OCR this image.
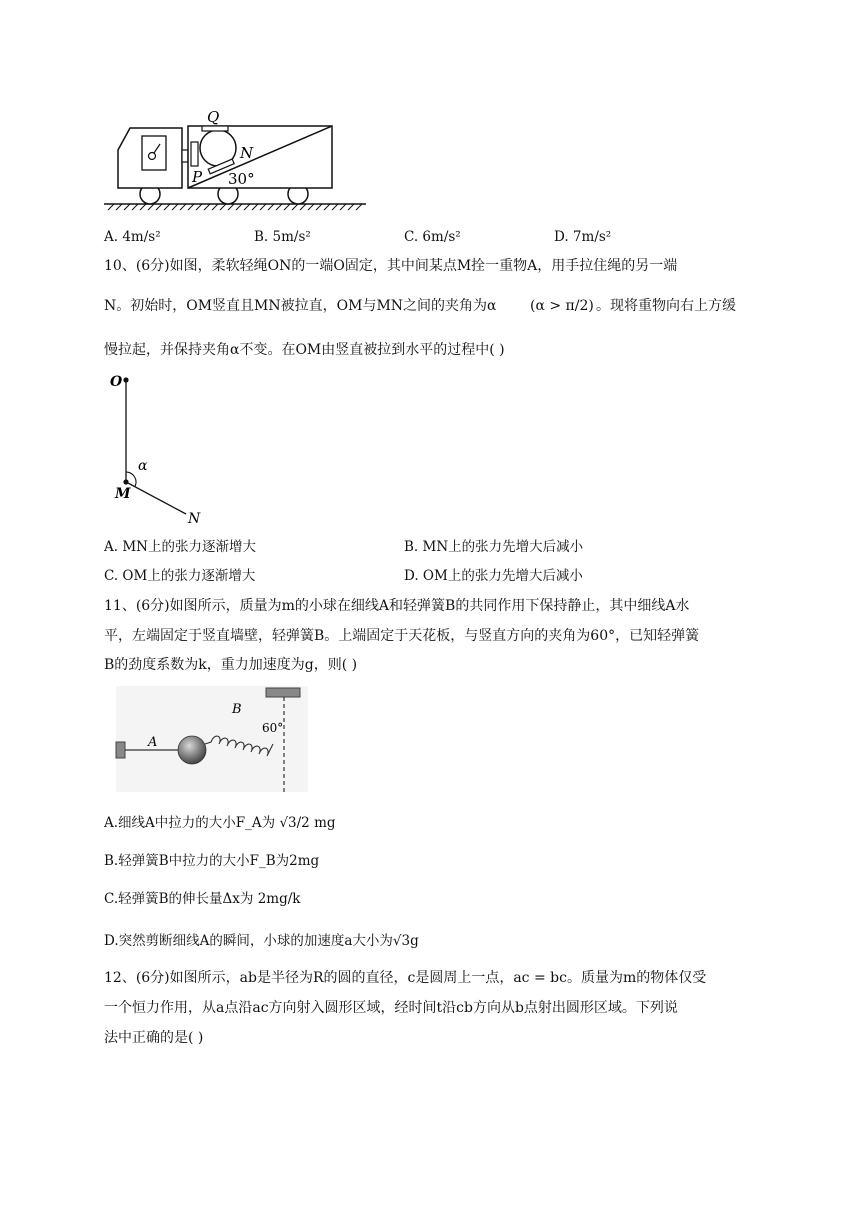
Q
N
P 30°
A. 4m/s²	B. 5m/s²	C. 6m/s²	D. 7m/s²
10、(6分)如图，柔软轻绳ON的一端O固定，其中间某点M拴一重物A，用手拉住绳的另一端
N。初始时，OM竖直且MN被拉直，OM与MN之间的夹角为α (α > π/2) 。现将重物向右上方缓
慢拉起，并保持夹角α不变。在OM由竖直被拉到水平的过程中( )
O
M
N
α
A. MN上的张力逐渐增大	B. MN上的张力先增大后减小
C. OM上的张力逐渐增大	D. OM上的张力先增大后减小
11、(6分)如图所示，质量为m的小球在细线A和轻弹簧B的共同作用下保持静止，其中细线A水
平，左端固定于竖直墙壁，轻弹簧B。上端固定于天花板，与竖直方向的夹角为60°，已知轻弹簧
B的劲度系数为k，重力加速度为g，则( )
B
A
60°
A.细线A中拉力的大小F_A为 √3/2 mg
B.轻弹簧B中拉力的大小F_B为2mg
C.轻弹簧B的伸长量Δx为 2mg/k
D.突然剪断细线A的瞬间，小球的加速度a大小为√3g
12、(6分)如图所示，ab是半径为R的圆的直径，c是圆周上一点，ac = bc。质量为m的物体仅受
一个恒力作用，从a点沿ac方向射入圆形区域，经时间t沿cb方向从b点射出圆形区域。下列说
法中正确的是( )
